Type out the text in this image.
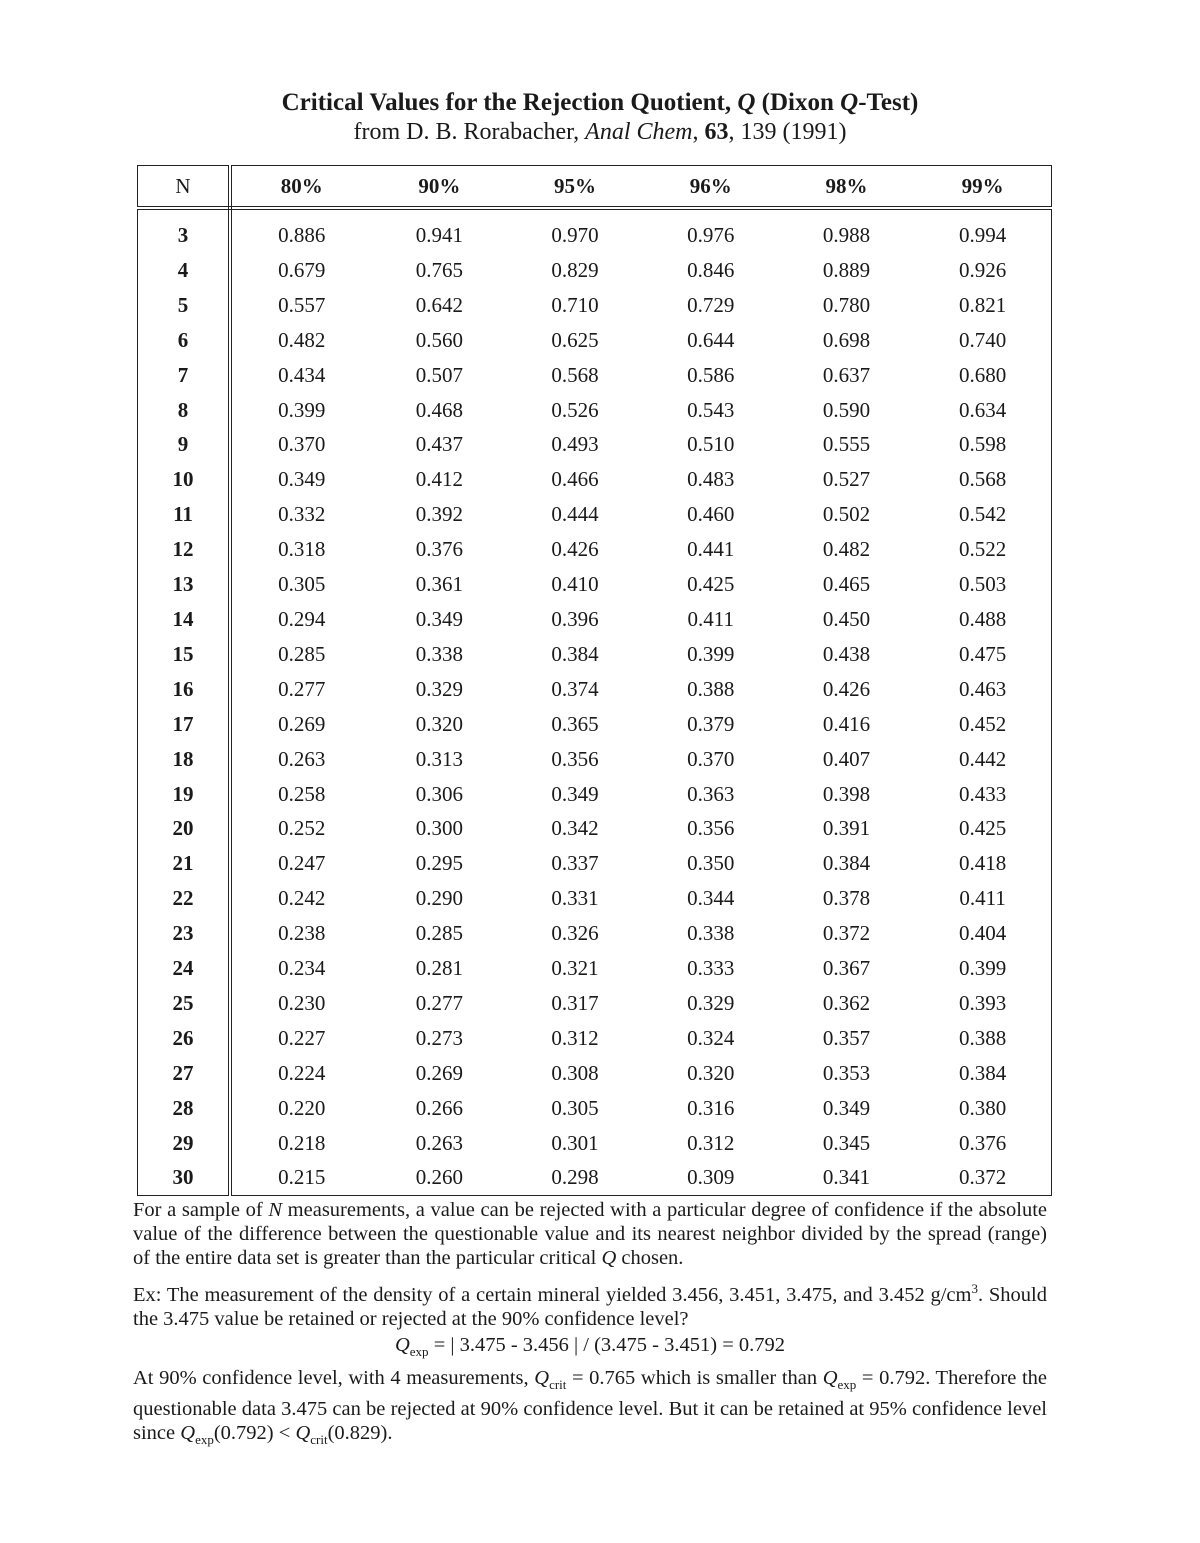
Critical Values for the Rejection Quotient, Q (Dixon Q-Test)
from D. B. Rorabacher, Anal Chem, 63, 139 (1991)
N	80%	90%	95%	96%	98%	99%
3	0.886	0.941	0.970	0.976	0.988	0.994
4	0.679	0.765	0.829	0.846	0.889	0.926
5	0.557	0.642	0.710	0.729	0.780	0.821
6	0.482	0.560	0.625	0.644	0.698	0.740
7	0.434	0.507	0.568	0.586	0.637	0.680
8	0.399	0.468	0.526	0.543	0.590	0.634
9	0.370	0.437	0.493	0.510	0.555	0.598
10	0.349	0.412	0.466	0.483	0.527	0.568
11	0.332	0.392	0.444	0.460	0.502	0.542
12	0.318	0.376	0.426	0.441	0.482	0.522
13	0.305	0.361	0.410	0.425	0.465	0.503
14	0.294	0.349	0.396	0.411	0.450	0.488
15	0.285	0.338	0.384	0.399	0.438	0.475
16	0.277	0.329	0.374	0.388	0.426	0.463
17	0.269	0.320	0.365	0.379	0.416	0.452
18	0.263	0.313	0.356	0.370	0.407	0.442
19	0.258	0.306	0.349	0.363	0.398	0.433
20	0.252	0.300	0.342	0.356	0.391	0.425
21	0.247	0.295	0.337	0.350	0.384	0.418
22	0.242	0.290	0.331	0.344	0.378	0.411
23	0.238	0.285	0.326	0.338	0.372	0.404
24	0.234	0.281	0.321	0.333	0.367	0.399
25	0.230	0.277	0.317	0.329	0.362	0.393
26	0.227	0.273	0.312	0.324	0.357	0.388
27	0.224	0.269	0.308	0.320	0.353	0.384
28	0.220	0.266	0.305	0.316	0.349	0.380
29	0.218	0.263	0.301	0.312	0.345	0.376
30	0.215	0.260	0.298	0.309	0.341	0.372

For a sample of N measurements, a value can be rejected with a particular degree of confidence if the absolute value of the difference between the questionable value and its nearest neighbor divided by the spread (range) of the entire data set is greater than the particular critical Q chosen.

Ex: The measurement of the density of a certain mineral yielded 3.456, 3.451, 3.475, and 3.452 $g/cm^3$. Should the 3.475 value be retained or rejected at the 90% confidence level?

$Q_{exp}$ = | 3.475 - 3.456 | / (3.475 - 3.451) = 0.792

At 90% confidence level, with 4 measurements, $Q_{crit} = 0.765$ which is smaller than $Q_{exp} = 0.792$. Therefore the questionable data 3.475 can be rejected at 90% confidence level. But it can be retained at 95% confidence level since $Q_{exp}(0.792) < Q_{crit}(0.829)$.
